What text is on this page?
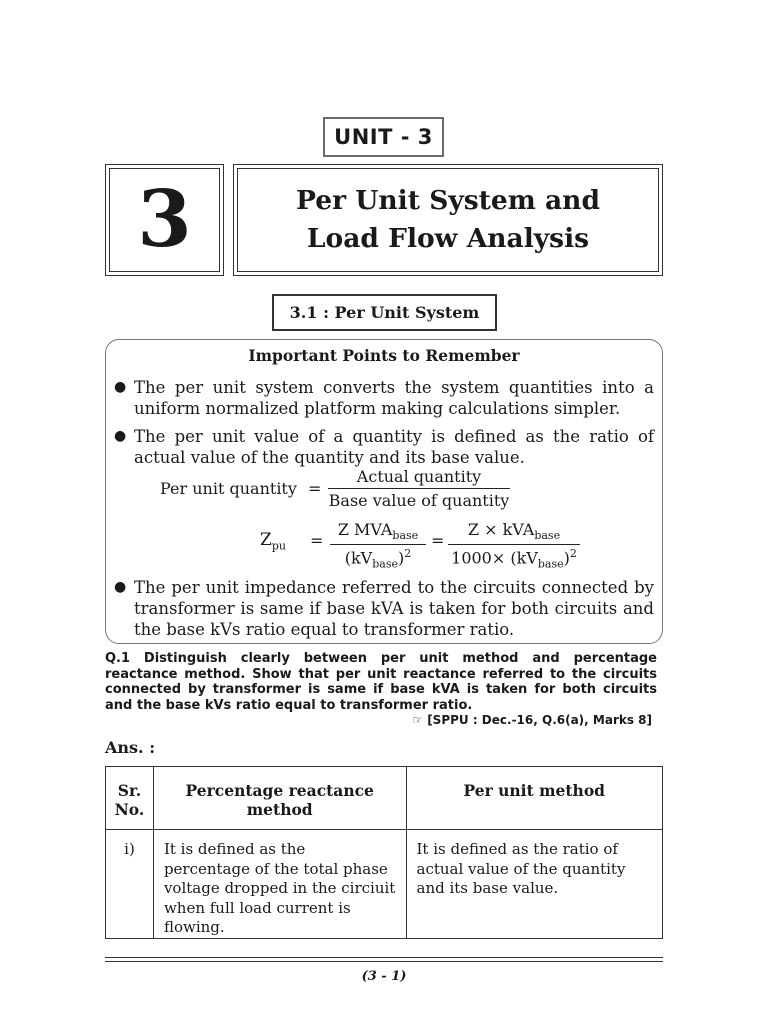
UNIT - 3
3	Per Unit System and
Load Flow Analysis
3.1 : Per Unit System
Important Points to Remember
● The per unit system converts the system quantities into a uniform normalized platform making calculations simpler.
● The per unit value of a quantity is defined as the ratio of actual value of the quantity and its base value.
Per unit quantity =
Actual quantity
Base value of quantity
$Z_{pu}$ =
Z $MVA_{base}$
$(kV_{base})^2$
=
Z × kVA$_{base}$
$1000\times (kV_{base})^2$
● The per unit impedance referred to the circuits connected by transformer is same if base kVA is taken for both circuits and the base kVs ratio equal to transformer ratio.
Q.1 Distinguish clearly between per unit method and percentage reactance method. Show that per unit reactance referred to the circuits connected by transformer is same if base kVA is taken for both circuits and the base kVs ratio equal to transformer ratio.
☞ [SPPU : Dec.-16, Q.6(a), Marks 8]
Ans. :
Sr. No.	Percentage reactance method	Per unit method
i)	It is defined as the percentage of the total phase voltage dropped in the circiuit when full load current is flowing.	It is defined as the ratio of actual value of the quantity and its base value.
(3 - 1)
